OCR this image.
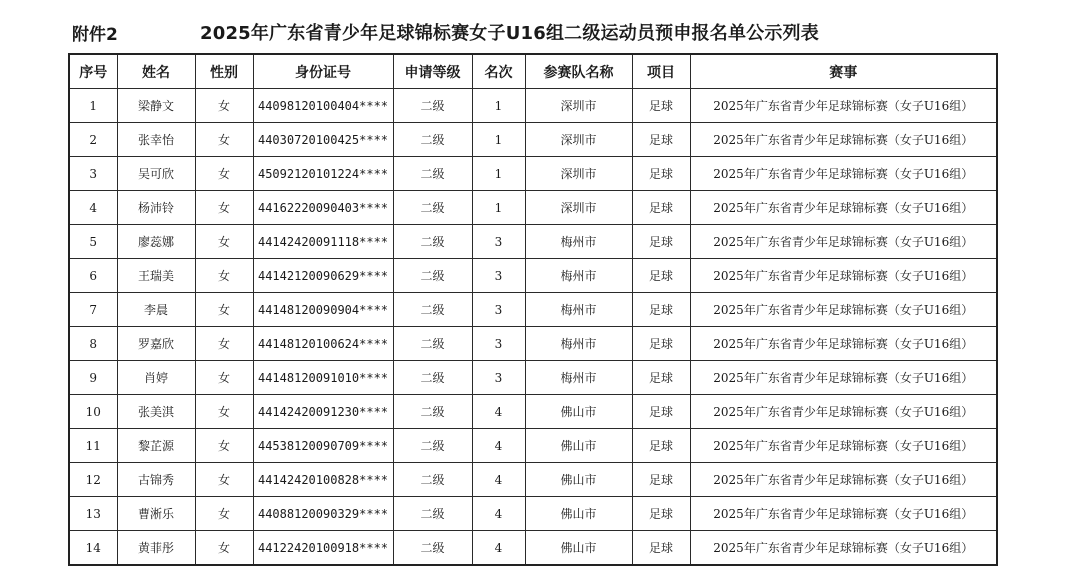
附件2	2025年广东省青少年足球锦标赛女子U16组二级运动员预申报名单公示列表
序号	姓名	性别	身份证号	申请等级	名次	参赛队名称	项目	赛事
1	梁静文	女	44098120100404****	二级	1	深圳市	足球	2025年广东省青少年足球锦标赛（女子U16组）
2	张幸怡	女	44030720100425****	二级	1	深圳市	足球	2025年广东省青少年足球锦标赛（女子U16组）
3	吴可欣	女	45092120101224****	二级	1	深圳市	足球	2025年广东省青少年足球锦标赛（女子U16组）
4	杨沛铃	女	44162220090403****	二级	1	深圳市	足球	2025年广东省青少年足球锦标赛（女子U16组）
5	廖蕊娜	女	44142420091118****	二级	3	梅州市	足球	2025年广东省青少年足球锦标赛（女子U16组）
6	王瑞美	女	44142120090629****	二级	3	梅州市	足球	2025年广东省青少年足球锦标赛（女子U16组）
7	李晨	女	44148120090904****	二级	3	梅州市	足球	2025年广东省青少年足球锦标赛（女子U16组）
8	罗嘉欣	女	44148120100624****	二级	3	梅州市	足球	2025年广东省青少年足球锦标赛（女子U16组）
9	肖婷	女	44148120091010****	二级	3	梅州市	足球	2025年广东省青少年足球锦标赛（女子U16组）
10	张美淇	女	44142420091230****	二级	4	佛山市	足球	2025年广东省青少年足球锦标赛（女子U16组）
11	黎芷源	女	44538120090709****	二级	4	佛山市	足球	2025年广东省青少年足球锦标赛（女子U16组）
12	古锦秀	女	44142420100828****	二级	4	佛山市	足球	2025年广东省青少年足球锦标赛（女子U16组）
13	曹淅乐	女	44088120090329****	二级	4	佛山市	足球	2025年广东省青少年足球锦标赛（女子U16组）
14	黄菲彤	女	44122420100918****	二级	4	佛山市	足球	2025年广东省青少年足球锦标赛（女子U16组）
